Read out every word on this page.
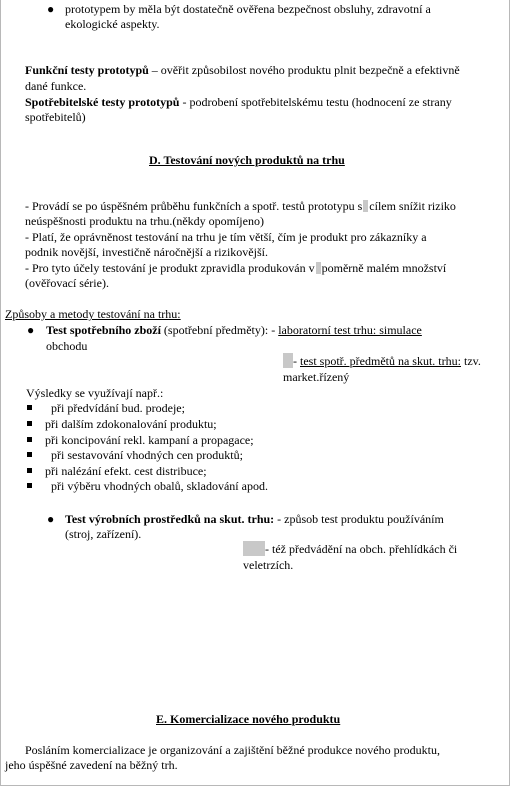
● prototypem by měla být dostatečně ověřena bezpečnost obsluhy, zdravotní a
ekologické aspekty.
Funkční testy prototypů – ověřit způsobilost nového produktu plnit bezpečně a efektivně
dané funkce.
Spotřebitelské testy prototypů - podrobení spotřebitelskému testu (hodnocení ze strany
spotřebitelů)
D. Testování nových produktů na trhu
- Provádí se po úspěšném průběhu funkčních a spotř. testů prototypu s cílem snížit riziko
neúspěšnosti produktu na trhu.(někdy opomíjeno)
- Platí, že oprávněnost testování na trhu je tím větší, čím je produkt pro zákazníky a
podnik novější, investičně náročnější a rizikovější.
- Pro tyto účely testování je produkt zpravidla produkován v poměrně malém množství
(ověřovací série).
Způsoby a metody testování na trhu:
● Test spotřebního zboží (spotřební předměty): - laboratorní test trhu: simulace
obchodu
- test spotř. předmětů na skut. trhu: tzv.
market.řízený
Výsledky se využívají např.:
při předvídání bud. prodeje;
při dalším zdokonalování produktu;
při koncipování rekl. kampaní a propagace;
při sestavování vhodných cen produktů;
při nalézání efekt. cest distribuce;
při výběru vhodných obalů, skladování apod.
● Test výrobních prostředků na skut. trhu: - způsob test produktu používáním
(stroj, zařízení).
- též předvádění na obch. přehlídkách či
veletrzích.
E. Komercializace nového produktu
Posláním komercializace je organizování a zajištění běžné produkce nového produktu,
jeho úspěšné zavedení na běžný trh.
